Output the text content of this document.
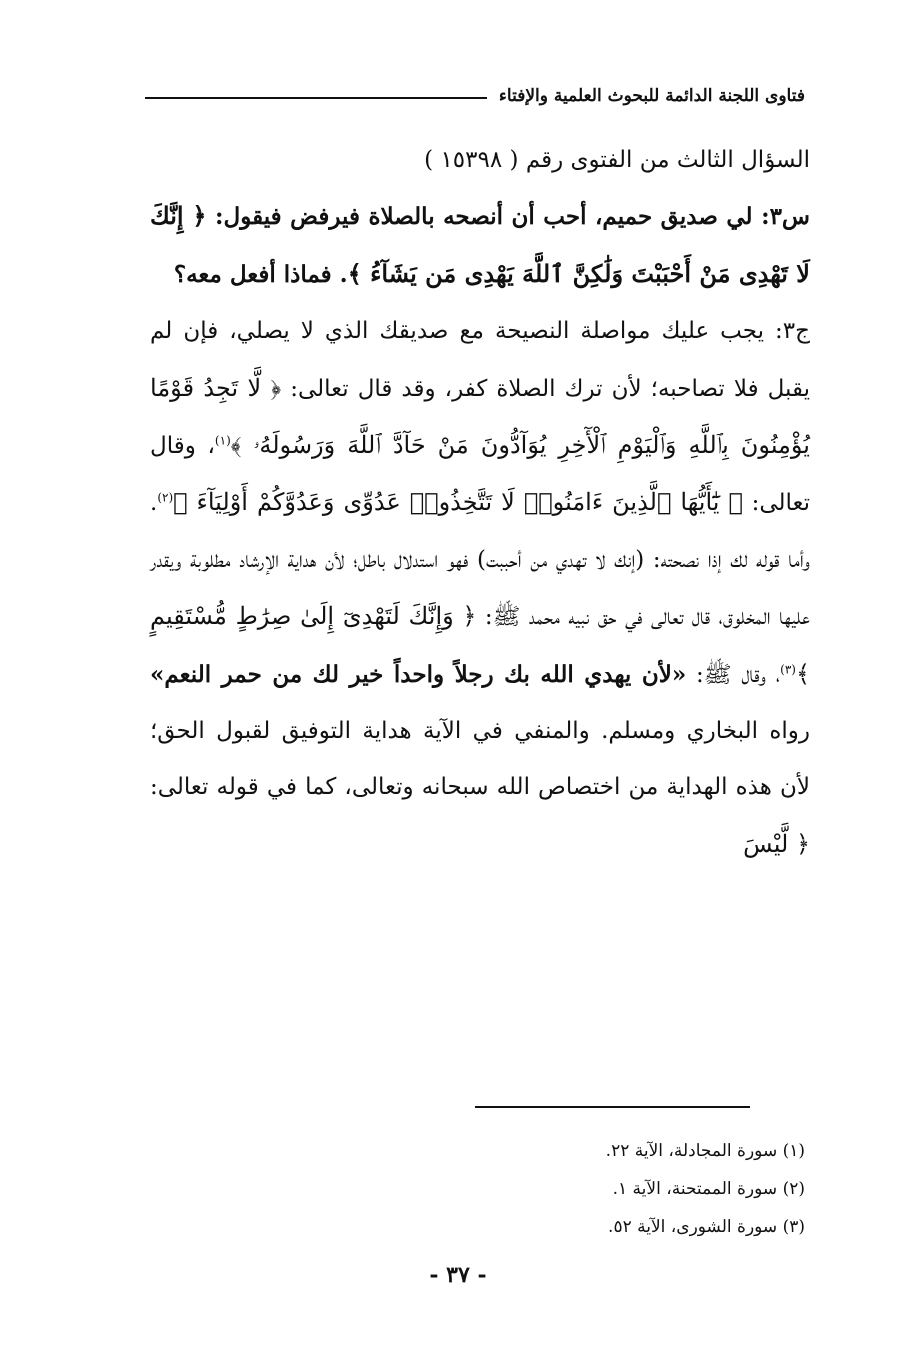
فتاوى اللجنة الدائمة للبحوث العلمية والإفتاء

السؤال الثالث من الفتوى رقم ( ١٥٣٩٨ )

س٣: لي صديق حميم، أحب أن أنصحه بالصلاة فيرفض فيقول: ﴿ إِنَّكَ لَا تَهْدِى مَنْ أَحْبَبْتَ وَلَٰكِنَّ ٱللَّهَ يَهْدِى مَن يَشَآءُ ﴾. فماذا أفعل معه؟

ج٣: يجب عليك مواصلة النصيحة مع صديقك الذي لا يصلي، فإن لم يقبل فلا تصاحبه؛ لأن ترك الصلاة كفر، وقد قال تعالى: ﴿ لَّا تَجِدُ قَوْمًا يُؤْمِنُونَ بِٱللَّهِ وَٱلْيَوْمِ ٱلْأٓخِرِ يُوَآدُّونَ مَنْ حَآدَّ ٱللَّهَ وَرَسُولَهُۥ ﴾$^{(١)}$، وقال تعالى: ﴿ يَٰٓأَيُّهَا ٱلَّذِينَ ءَامَنُوا۟ لَا تَتَّخِذُوا۟ عَدُوِّى وَعَدُوَّكُمْ أَوْلِيَآءَ ﴾$^{(٢)}$. وأما قوله لك إذا نصحته: (إنك لا تهدي من أحببت) فهو استدلال باطل؛ لأن هداية الإرشاد مطلوبة ويقدر عليها المخلوق، قال تعالى في حق نبيه محمد ﷺ: ﴿ وَإِنَّكَ لَتَهْدِىٓ إِلَىٰ صِرَٰطٍ مُّسْتَقِيمٍ ﴾$^{(٣)}$، وقال ﷺ: «لأن يهدي الله بك رجلاً واحداً خير لك من حمر النعم» رواه البخاري ومسلم. والمنفي في الآية هداية التوفيق لقبول الحق؛ لأن هذه الهداية من اختصاص الله سبحانه وتعالى، كما في قوله تعالى: ﴿ لَّيْسَ

(١) سورة المجادلة، الآية ٢٢.
(٢) سورة الممتحنة، الآية ١.
(٣) سورة الشورى، الآية ٥٢.
- ٣٧ -
